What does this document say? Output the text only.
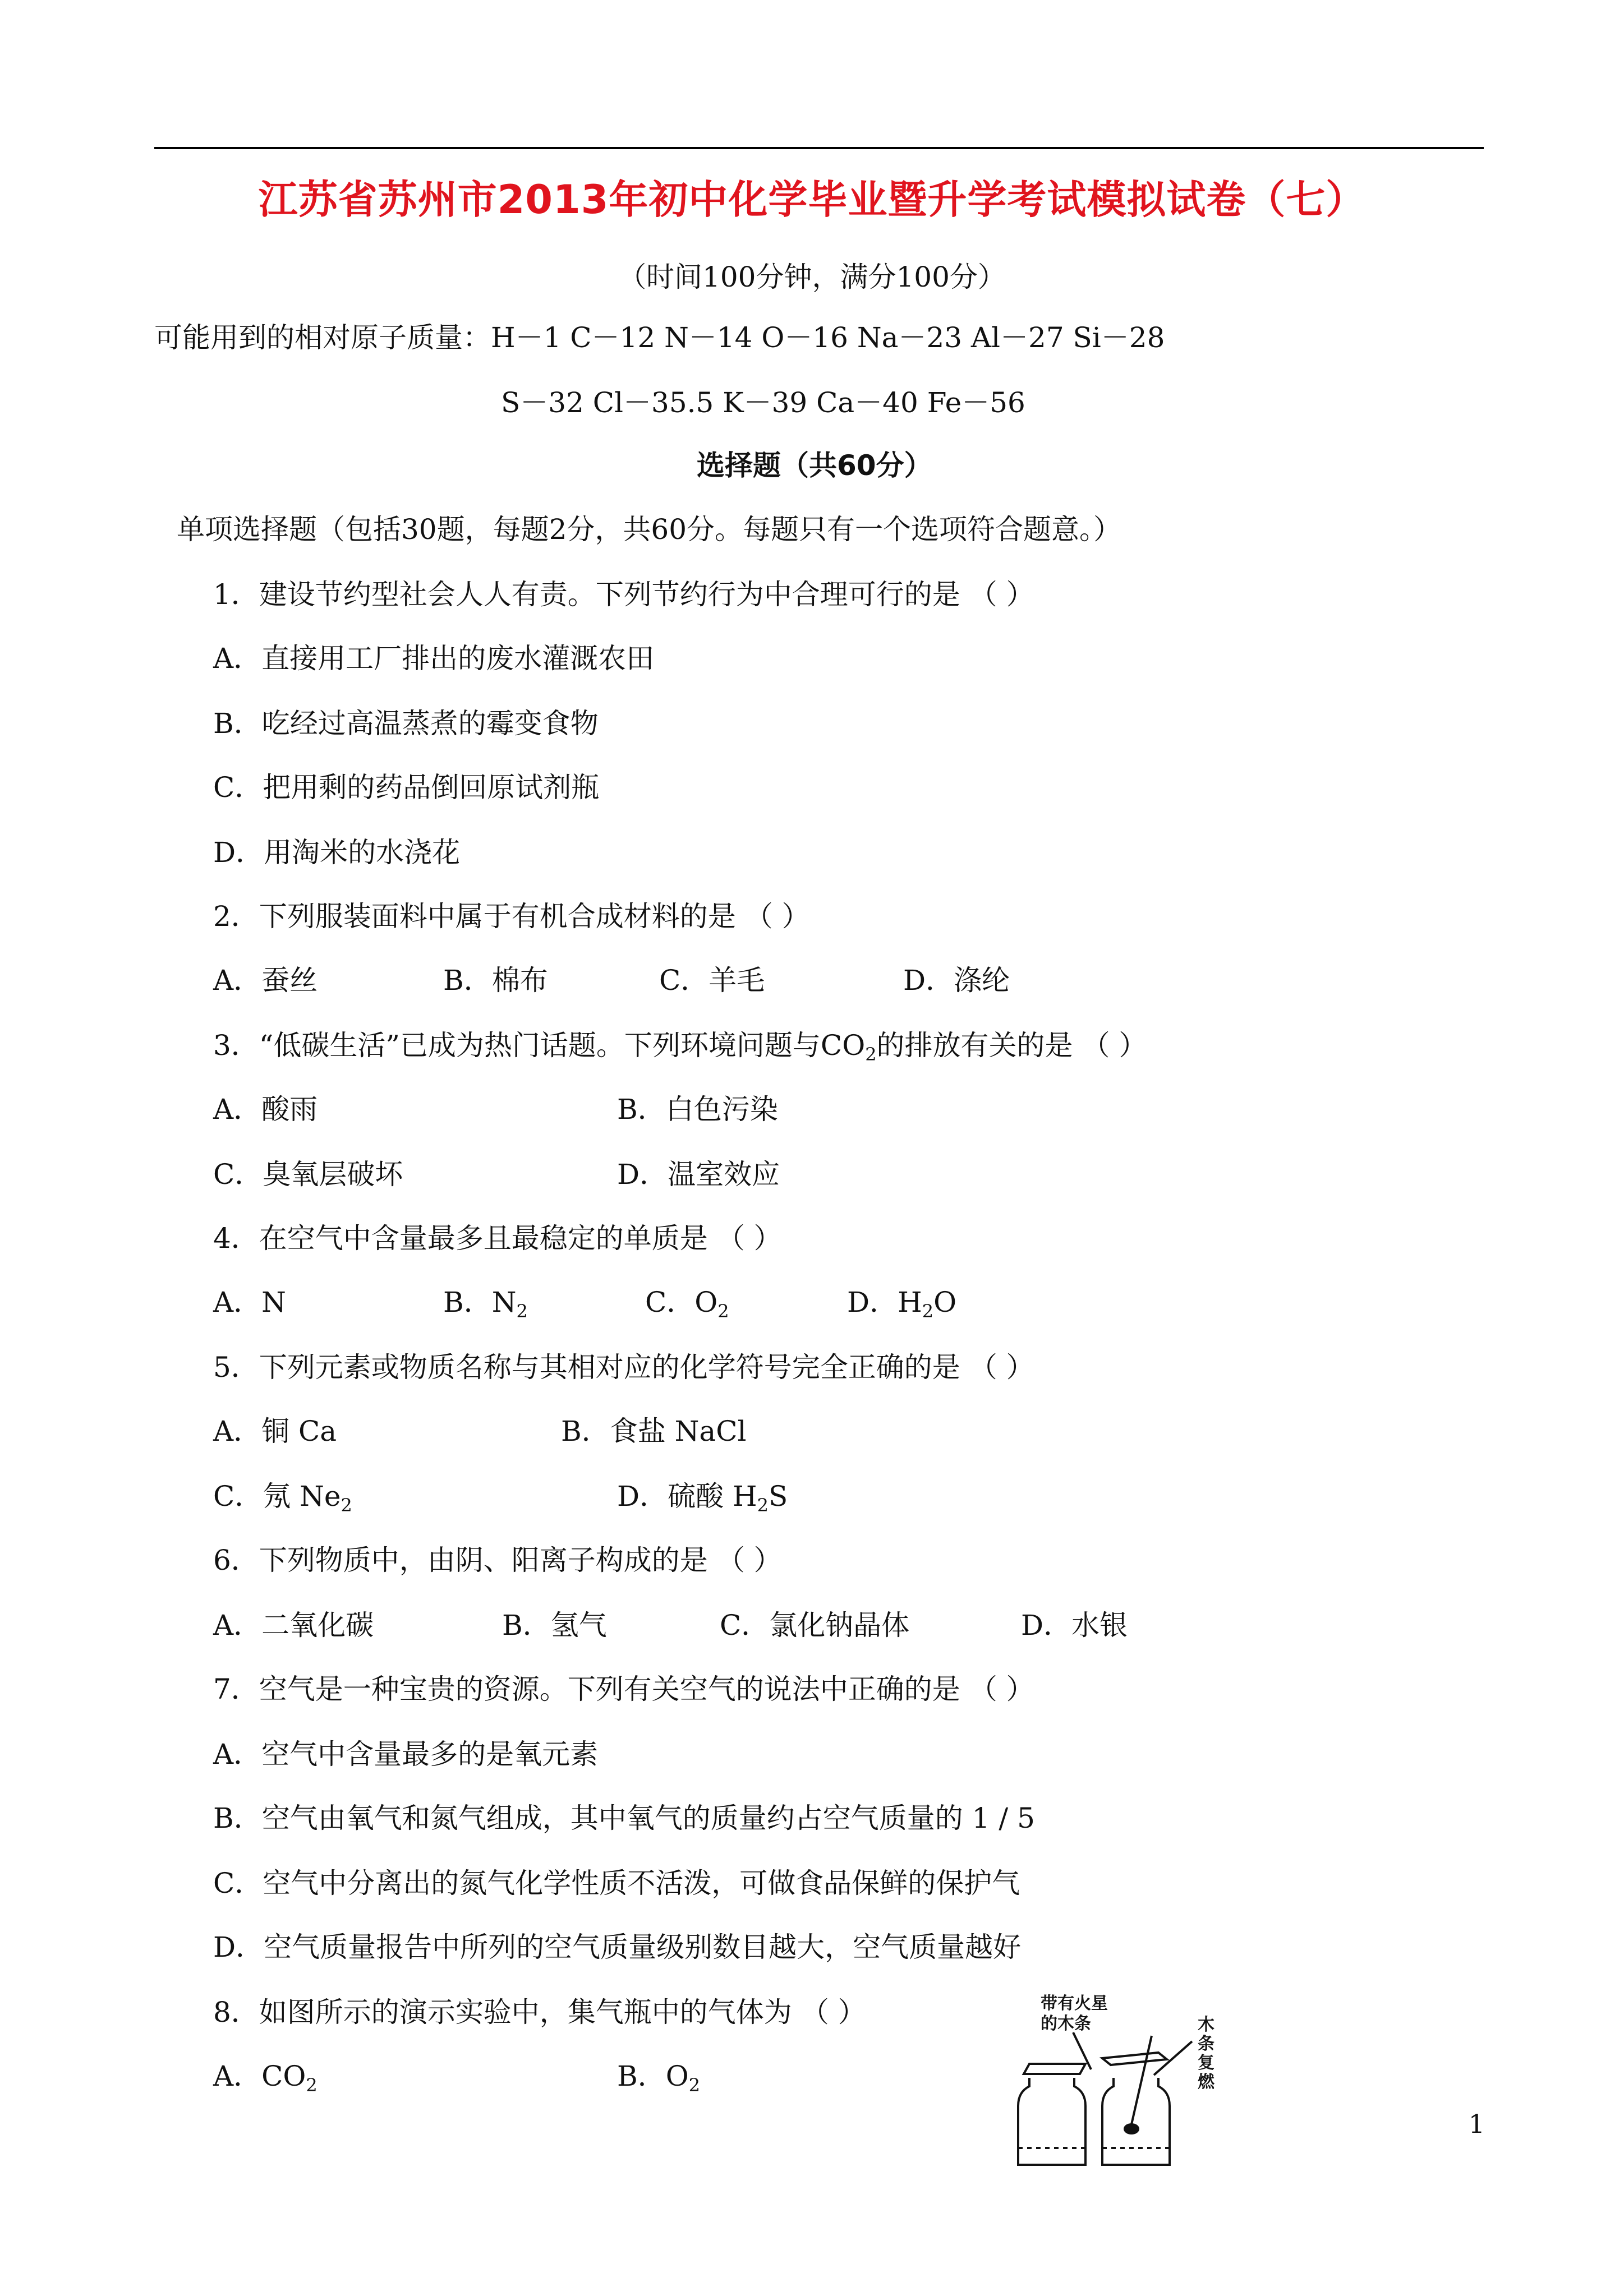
江苏省苏州市2013年初中化学毕业暨升学考试模拟试卷（七）
（时间100分钟，满分100分）
可能用到的相对原子质量：H－1 C－12 N－14 O－16 Na－23 Al－27 Si－28
S－32 Cl－35.5 K－39 Ca－40 Fe－56
选择题（共60分）
单项选择题（包括30题，每题2分，共60分。每题只有一个选项符合题意。）
1．建设节约型社会人人有责。下列节约行为中合理可行的是 （ ）
A．直接用工厂排出的废水灌溉农田
B．吃经过高温蒸煮的霉变食物
C．把用剩的药品倒回原试剂瓶
D．用淘米的水浇花
2．下列服装面料中属于有机合成材料的是 （ ）
A．蚕丝	B．棉布	C．羊毛	D．涤纶
3．“低碳生活”已成为热门话题。下列环境问题与$CO_2$的排放有关的是 （ ）
A．酸雨	B．白色污染
C．臭氧层破坏	D．温室效应
4．在空气中含量最多且最稳定的单质是 （ ）
A．N	B．$N_2$	C．$O_2$	D．$H_2O$
5．下列元素或物质名称与其相对应的化学符号完全正确的是 （ ）
A．铜 Ca	B．食盐 NaCl
C．氖 $Ne_2$	D．硫酸 $H_2S$
6．下列物质中，由阴、阳离子构成的是 （ ）
A．二氧化碳	B．氢气	C．氯化钠晶体	D．水银
7．空气是一种宝贵的资源。下列有关空气的说法中正确的是 （ ）
A．空气中含量最多的是氧元素
B．空气由氧气和氮气组成，其中氧气的质量约占空气质量的 1 / 5
C．空气中分离出的氮气化学性质不活泼，可做食品保鲜的保护气
D．空气质量报告中所列的空气质量级别数目越大，空气质量越好
8．如图所示的演示实验中，集气瓶中的气体为 （ ）
A．$CO_2$	B．$O_2$
带有火星
的木条	木
条
复
燃
1
